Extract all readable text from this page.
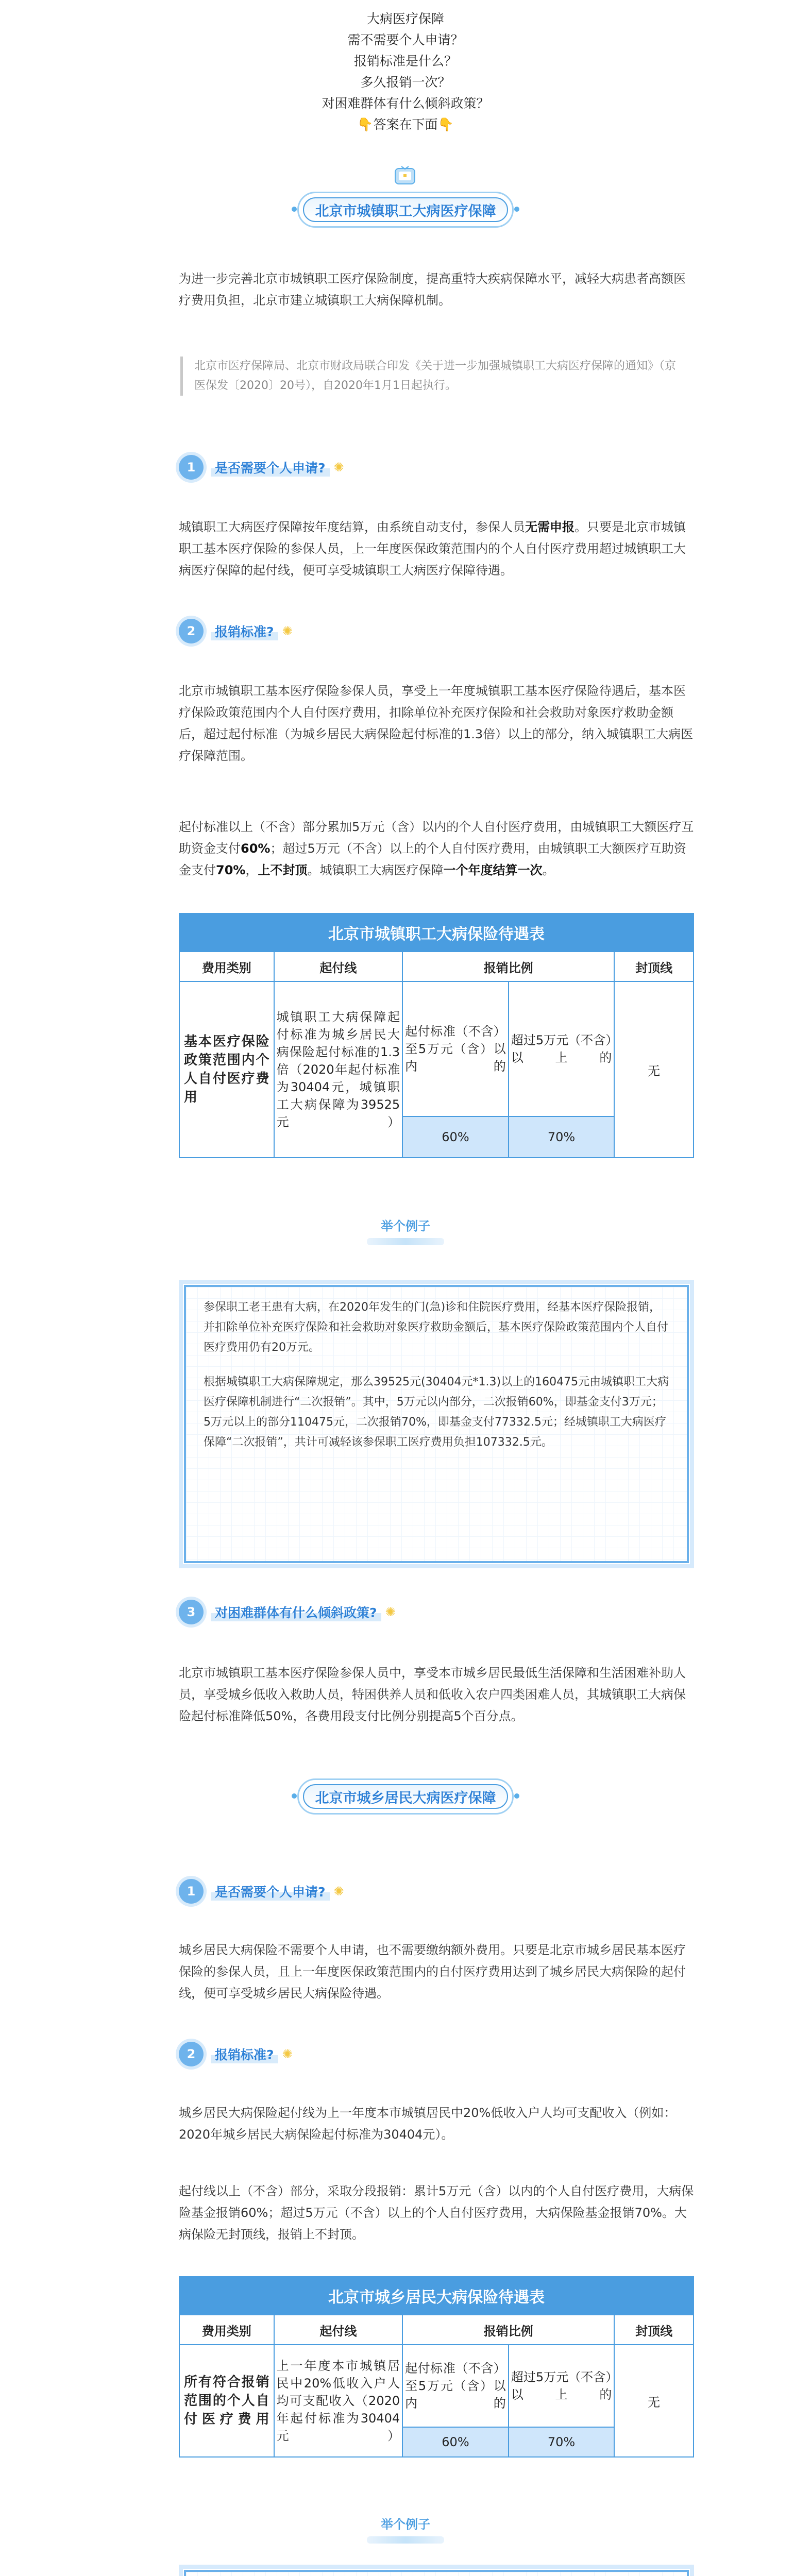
大病医疗保障
需不需要个人申请？
报销标准是什么？
多久报销一次？
对困难群体有什么倾斜政策？
👇答案在下面👇
北京市城镇职工大病医疗保障
为进一步完善北京市城镇职工医疗保险制度，提高重特大疾病保障水平，减轻大病患者高额医疗费用负担，北京市建立城镇职工大病保障机制。
北京市医疗保障局、北京市财政局联合印发《关于进一步加强城镇职工大病医疗保障的通知》（京医保发〔2020〕20号），自2020年1月1日起执行。
1	是否需要个人申请? ✺
城镇职工大病医疗保障按年度结算，由系统自动支付，参保人员无需申报。只要是北京市城镇职工基本医疗保险的参保人员，上一年度医保政策范围内的个人自付医疗费用超过城镇职工大病医疗保障的起付线，便可享受城镇职工大病医疗保障待遇。
2	报销标准? ✺
北京市城镇职工基本医疗保险参保人员，享受上一年度城镇职工基本医疗保险待遇后，基本医疗保险政策范围内个人自付医疗费用，扣除单位补充医疗保险和社会救助对象医疗救助金额后，超过起付标准（为城乡居民大病保险起付标准的1.3倍）以上的部分，纳入城镇职工大病医疗保障范围。
起付标准以上（不含）部分累加5万元（含）以内的个人自付医疗费用，由城镇职工大额医疗互助资金支付60%；超过5万元（不含）以上的个人自付医疗费用，由城镇职工大额医疗互助资金支付70%，上不封顶。城镇职工大病医疗保障一个年度结算一次。
北京市城镇职工大病保险待遇表				
费用类别	起付线	报销比例		封顶线
基本医疗保险政策范围内个人自付医疗费用	城镇职工大病保障起付标准为城乡居民大病保险起付标准的1.3倍（2020年起付标准为30404元，城镇职工大病保障为39525元）	起付标准（不含）至5万元（含）以内的	超过5万元（不含）以上的	无
		60%	70%	
举个例子

参保职工老王患有大病，在2020年发生的门(急)诊和住院医疗费用，经基本医疗保险报销，并扣除单位补充医疗保险和社会救助对象医疗救助金额后，基本医疗保险政策范围内个人自付医疗费用仍有20万元。

根据城镇职工大病保障规定，那么39525元(30404元*1.3)以上的160475元由城镇职工大病医疗保障机制进行“二次报销”。其中，5万元以内部分，二次报销60%，即基金支付3万元；5万元以上的部分110475元，二次报销70%，即基金支付77332.5元；经城镇职工大病医疗保障“二次报销”，共计可减轻该参保职工医疗费用负担107332.5元。

3	对困难群体有什么倾斜政策? ✺
北京市城镇职工基本医疗保险参保人员中，享受本市城乡居民最低生活保障和生活困难补助人员，享受城乡低收入救助人员，特困供养人员和低收入农户四类困难人员，其城镇职工大病保险起付标准降低50%，各费用段支付比例分别提高5个百分点。
北京市城乡居民大病医疗保障
1	是否需要个人申请? ✺
城乡居民大病保险不需要个人申请，也不需要缴纳额外费用。只要是北京市城乡居民基本医疗保险的参保人员，且上一年度医保政策范围内的自付医疗费用达到了城乡居民大病保险的起付线，便可享受城乡居民大病保险待遇。
2	报销标准? ✺
城乡居民大病保险起付线为上一年度本市城镇居民中20%低收入户人均可支配收入（例如：2020年城乡居民大病保险起付标准为30404元）。
起付线以上（不含）部分，采取分段报销：累计5万元（含）以内的个人自付医疗费用，大病保险基金报销60%；超过5万元（不含）以上的个人自付医疗费用，大病保险基金报销70%。大病保险无封顶线，报销上不封顶。
北京市城乡居民大病保险待遇表				
费用类别	起付线	报销比例		封顶线
所有符合报销范围的个人自付医疗费用	上一年度本市城镇居民中20%低收入户人均可支配收入（2020年起付标准为30404元）	起付标准（不含）至5万元（含）以内的	超过5万元（不含）以上的	无
		60%	70%	
举个例子
